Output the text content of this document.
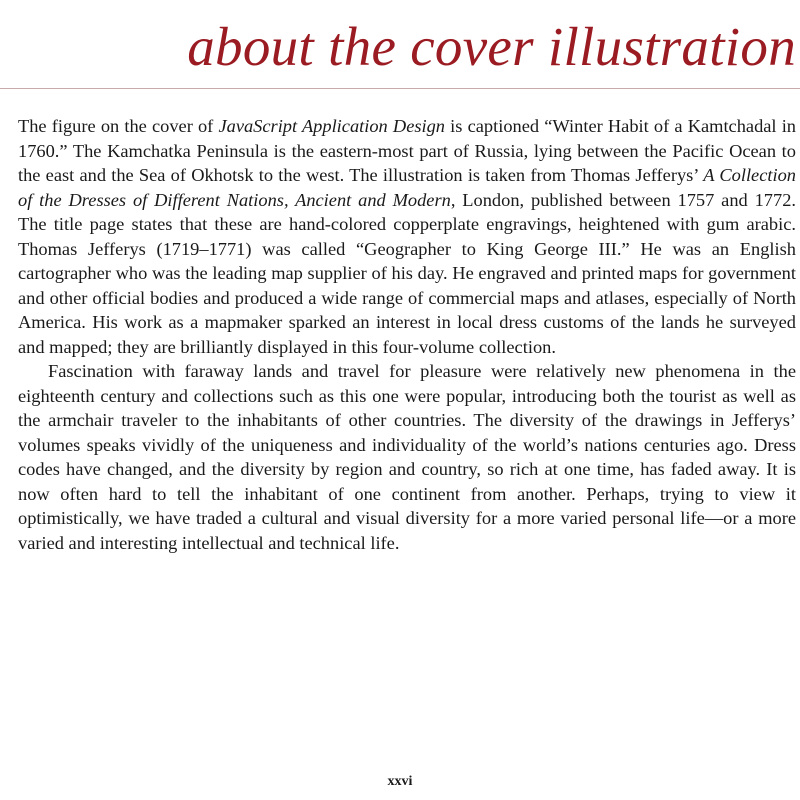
about the cover illustration

The figure on the cover of JavaScript Application Design is captioned “Winter Habit of a Kamtchadal in 1760.” The Kamchatka Peninsula is the eastern-most part of Russia, lying between the Pacific Ocean to the east and the Sea of Okhotsk to the west. The illustration is taken from Thomas Jefferys’ A Collection of the Dresses of Different Nations, Ancient and Modern, London, published between 1757 and 1772. The title page states that these are hand-colored copperplate engravings, heightened with gum arabic. Thomas Jefferys (1719–1771) was called “Geographer to King George III.” He was an English cartographer who was the leading map supplier of his day. He engraved and printed maps for government and other official bodies and produced a wide range of commercial maps and atlases, especially of North America. His work as a mapmaker sparked an interest in local dress customs of the lands he surveyed and mapped; they are brilliantly displayed in this four-volume collection.

Fascination with faraway lands and travel for pleasure were relatively new phenomena in the eighteenth century and collections such as this one were popular, introducing both the tourist as well as the armchair traveler to the inhabitants of other countries. The diversity of the drawings in Jefferys’ volumes speaks vividly of the uniqueness and individuality of the world’s nations centuries ago. Dress codes have changed, and the diversity by region and country, so rich at one time, has faded away. It is now often hard to tell the inhabitant of one continent from another. Perhaps, trying to view it optimistically, we have traded a cultural and visual diversity for a more varied personal life—or a more varied and interesting intellectual and technical life.

xxvi
